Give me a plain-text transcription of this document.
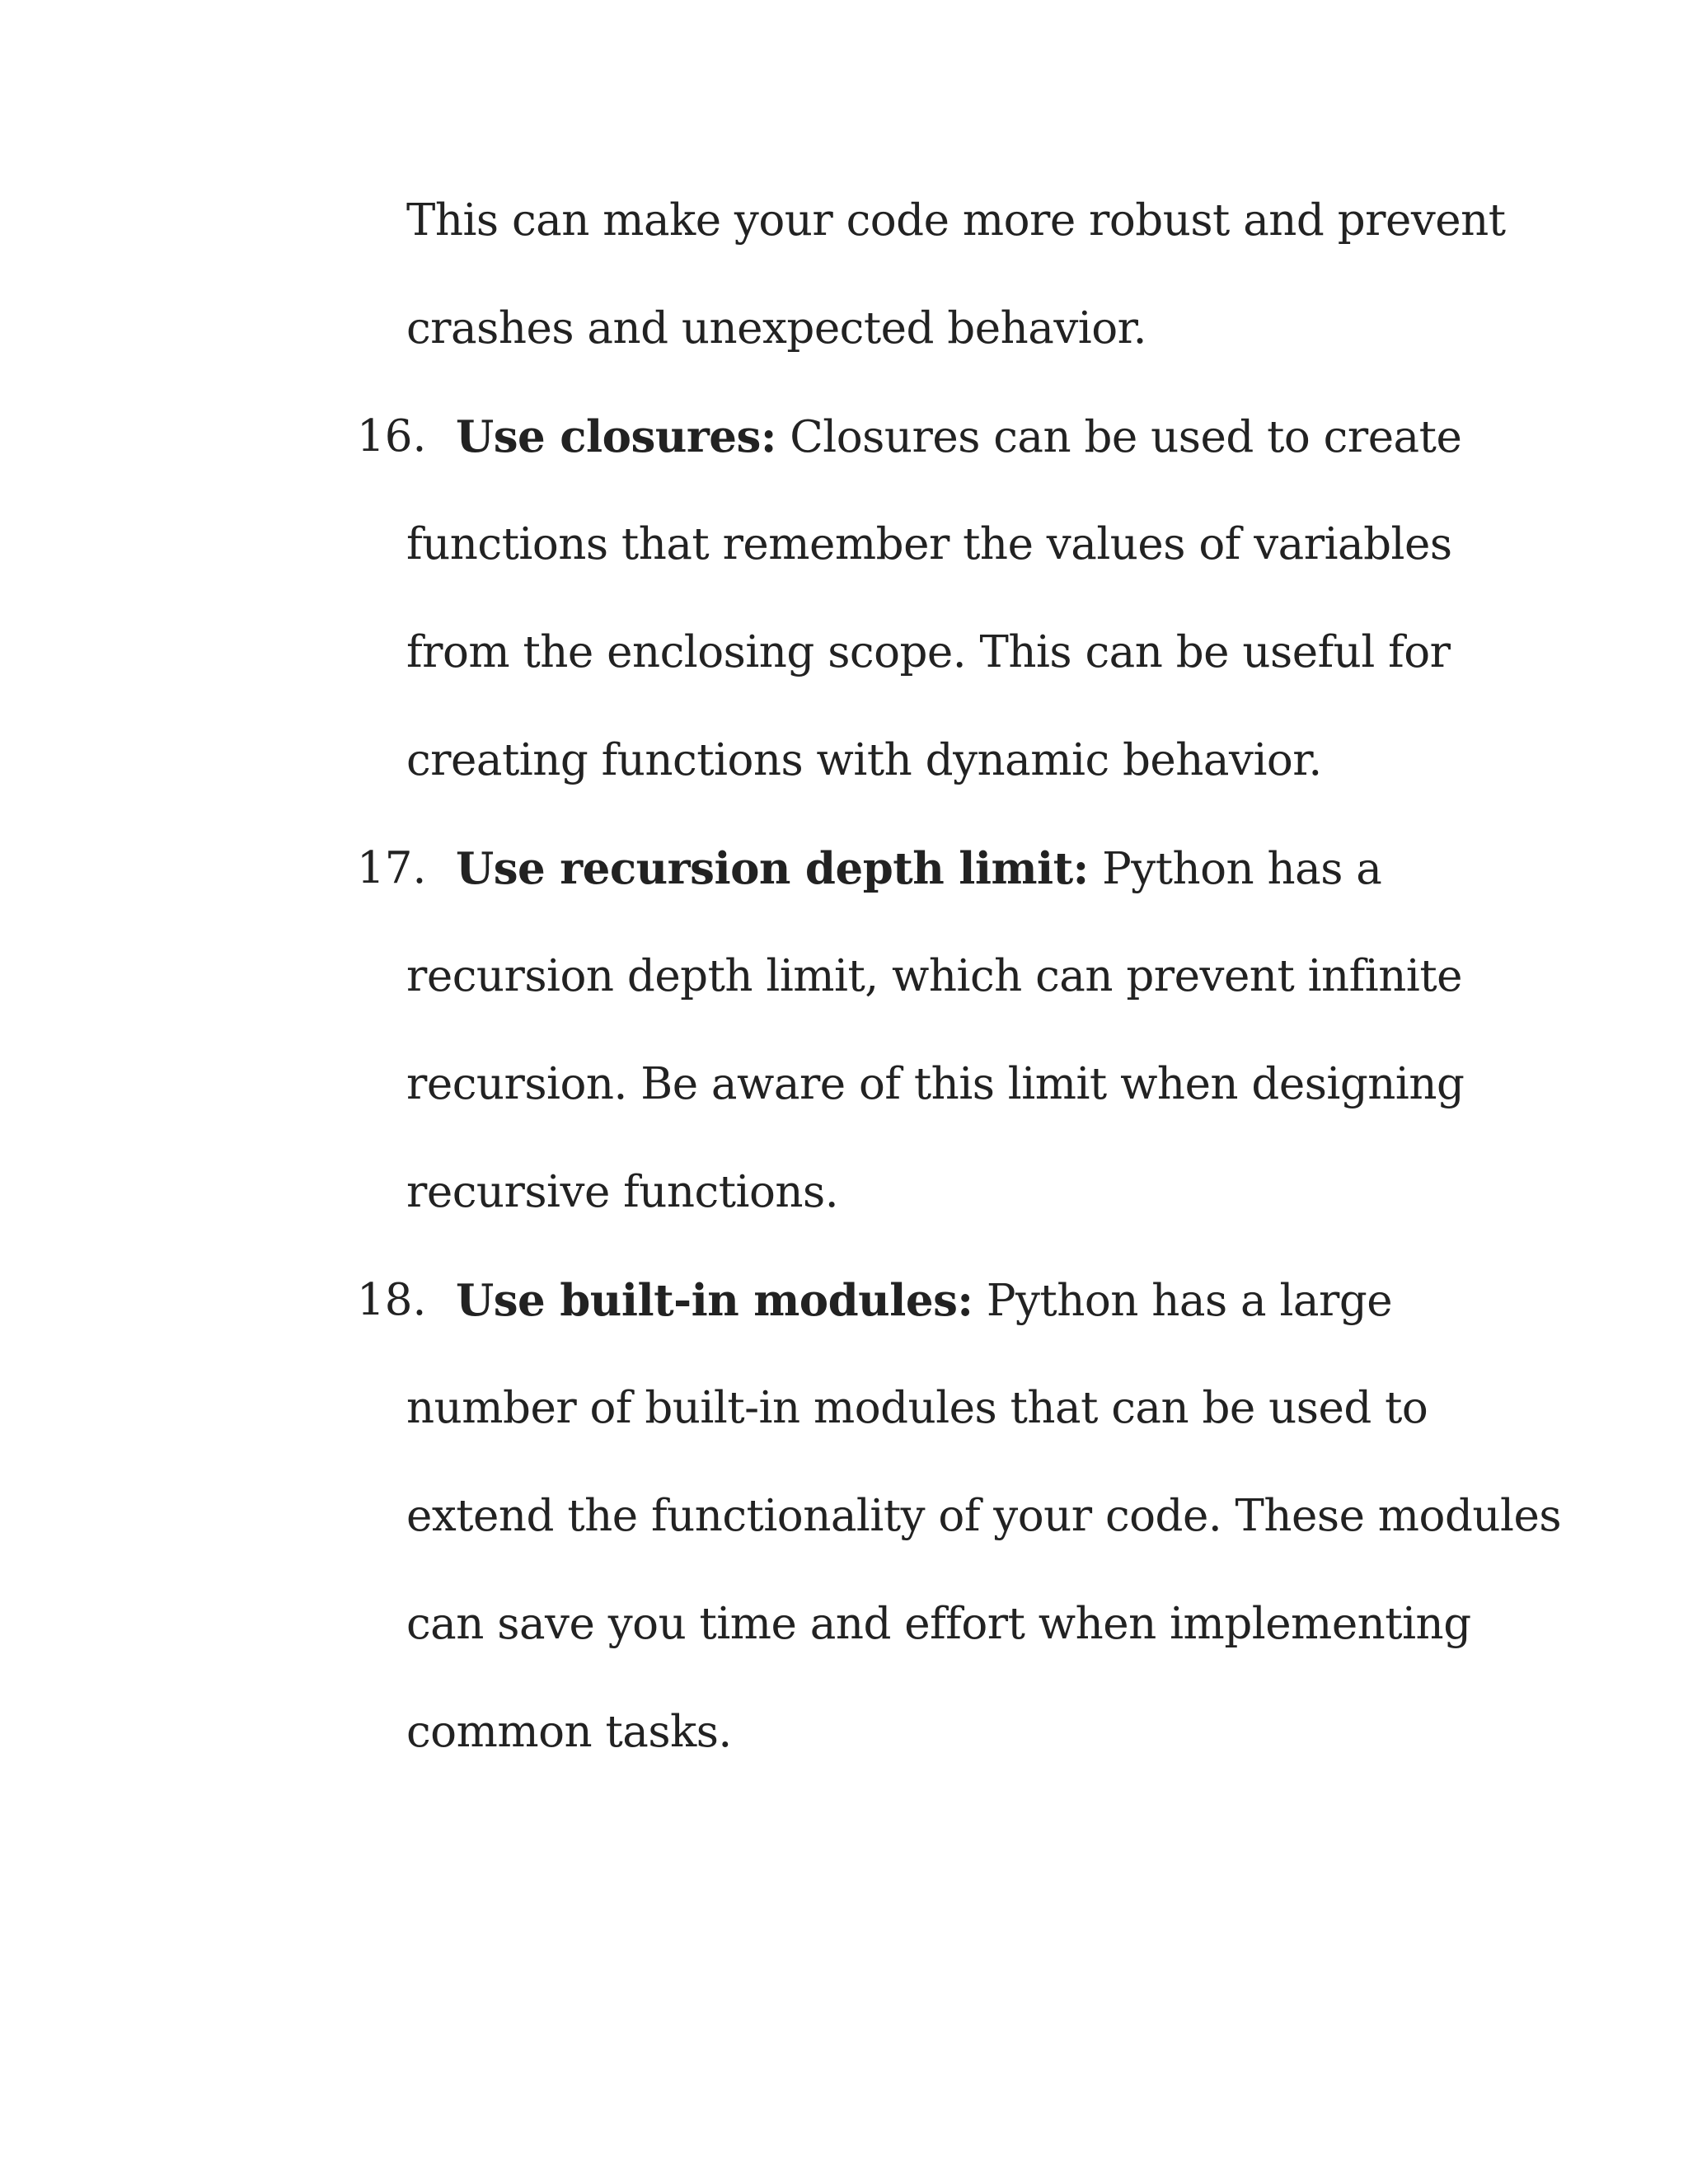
This can make your code more robust and prevent
crashes and unexpected behavior.
16. Use closures: Closures can be used to create
functions that remember the values of variables
from the enclosing scope. This can be useful for
creating functions with dynamic behavior.
17. Use recursion depth limit: Python has a
recursion depth limit, which can prevent infinite
recursion. Be aware of this limit when designing
recursive functions.
18. Use built-in modules: Python has a large
number of built-in modules that can be used to
extend the functionality of your code. These modules
can save you time and effort when implementing
common tasks.
